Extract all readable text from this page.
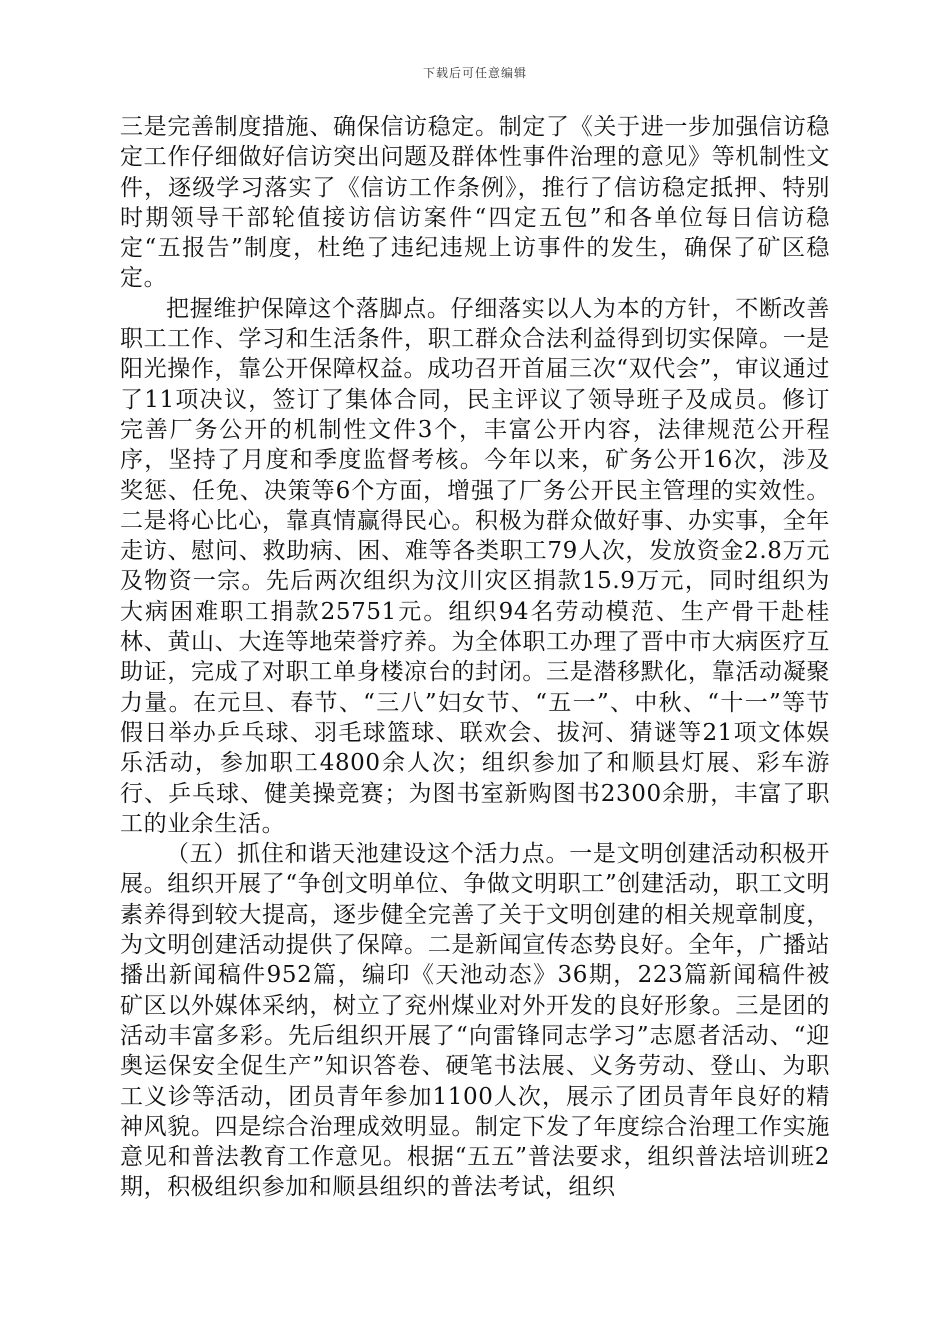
下载后可任意编辑

三是完善制度措施、确保信访稳定。制定了《关于进一步加强信访稳定工作仔细做好信访突出问题及群体性事件治理的意见》等机制性文件，逐级学习落实了《信访工作条例》，推行了信访稳定抵押、特别时期领导干部轮值接访信访案件“四定五包”和各单位每日信访稳定“五报告”制度，杜绝了违纪违规上访事件的发生，确保了矿区稳定。

把握维护保障这个落脚点。仔细落实以人为本的方针，不断改善职工工作、学习和生活条件，职工群众合法利益得到切实保障。一是阳光操作，靠公开保障权益。成功召开首届三次“双代会”，审议通过了11项决议，签订了集体合同，民主评议了领导班子及成员。修订完善厂务公开的机制性文件3个，丰富公开内容，法律规范公开程序，坚持了月度和季度监督考核。今年以来，矿务公开16次，涉及奖惩、任免、决策等6个方面，增强了厂务公开民主管理的实效性。二是将心比心，靠真情赢得民心。积极为群众做好事、办实事，全年走访、慰问、救助病、困、难等各类职工79人次，发放资金2.8万元及物资一宗。先后两次组织为汶川灾区捐款15.9万元，同时组织为大病困难职工捐款25751元。组织94名劳动模范、生产骨干赴桂林、黄山、大连等地荣誉疗养。为全体职工办理了晋中市大病医疗互助证，完成了对职工单身楼凉台的封闭。三是潜移默化，靠活动凝聚力量。在元旦、春节、“三八”妇女节、“五一”、中秋、“十一”等节假日举办乒乓球、羽毛球篮球、联欢会、拔河、猜谜等21项文体娱乐活动，参加职工4800余人次；组织参加了和顺县灯展、彩车游行、乒乓球、健美操竞赛；为图书室新购图书2300余册，丰富了职工的业余生活。

（五）抓住和谐天池建设这个活力点。一是文明创建活动积极开展。组织开展了“争创文明单位、争做文明职工”创建活动，职工文明素养得到较大提高，逐步健全完善了关于文明创建的相关规章制度，为文明创建活动提供了保障。二是新闻宣传态势良好。全年，广播站播出新闻稿件952篇，编印《天池动态》36期，223篇新闻稿件被矿区以外媒体采纳，树立了兖州煤业对外开发的良好形象。三是团的活动丰富多彩。先后组织开展了“向雷锋同志学习”志愿者活动、“迎奥运保安全促生产”知识答卷、硬笔书法展、义务劳动、登山、为职工义诊等活动，团员青年参加1100人次，展示了团员青年良好的精神风貌。四是综合治理成效明显。制定下发了年度综合治理工作实施意见和普法教育工作意见。根据“五五”普法要求，组织普法培训班2期，积极组织参加和顺县组织的普法考试，组织
